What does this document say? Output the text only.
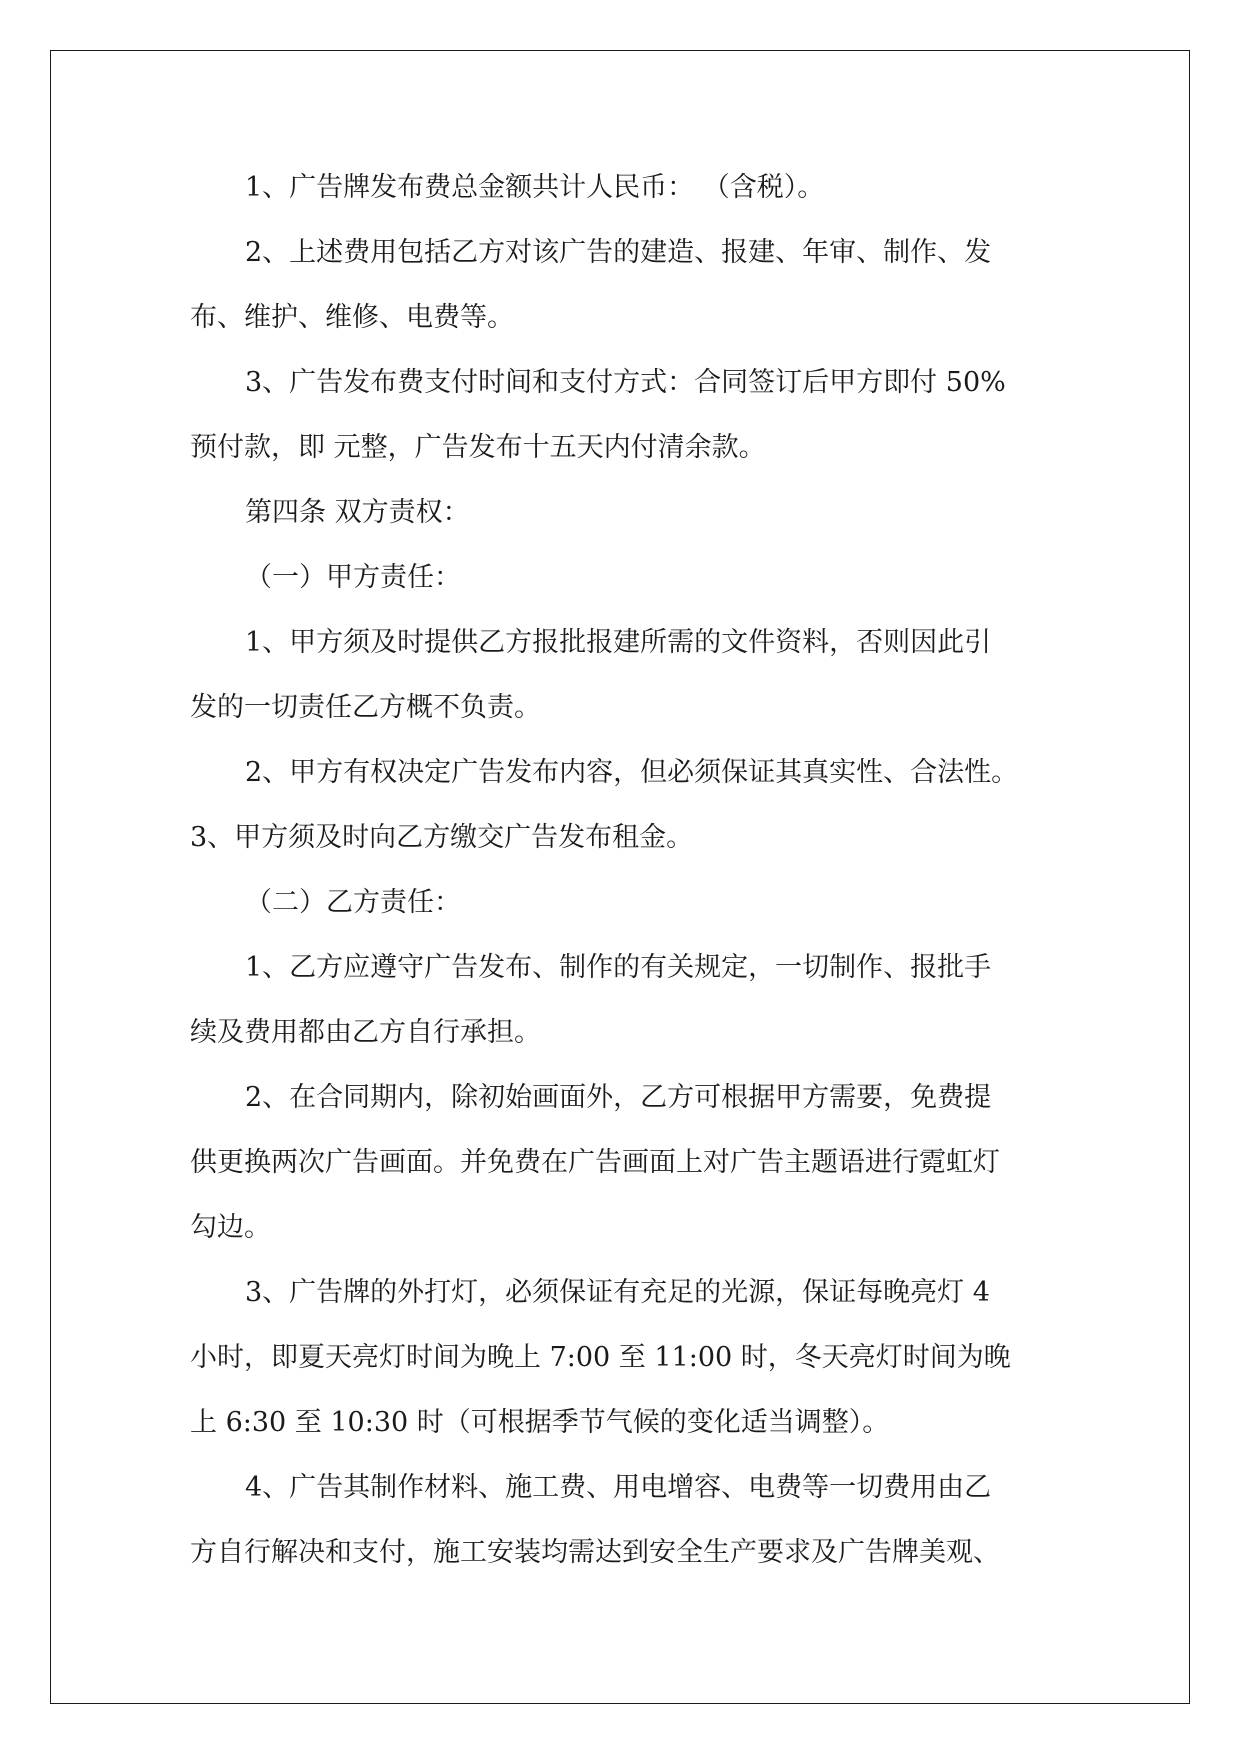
1、广告牌发布费总金额共计人民币： （含税）。
2、上述费用包括乙方对该广告的建造、报建、年审、制作、发
布、维护、维修、电费等。
3、广告发布费支付时间和支付方式：合同签订后甲方即付 50%
预付款，即 元整，广告发布十五天内付清余款。
第四条 双方责权：
（一）甲方责任：
1、甲方须及时提供乙方报批报建所需的文件资料，否则因此引
发的一切责任乙方概不负责。
2、甲方有权决定广告发布内容，但必须保证其真实性、合法性。
3、甲方须及时向乙方缴交广告发布租金。
（二）乙方责任：
1、乙方应遵守广告发布、制作的有关规定，一切制作、报批手
续及费用都由乙方自行承担。
2、在合同期内，除初始画面外，乙方可根据甲方需要，免费提
供更换两次广告画面。并免费在广告画面上对广告主题语进行霓虹灯
勾边。
3、广告牌的外打灯，必须保证有充足的光源，保证每晚亮灯 4
小时，即夏天亮灯时间为晚上 7:00 至 11:00 时，冬天亮灯时间为晚
上 6:30 至 10:30 时（可根据季节气候的变化适当调整）。
4、广告其制作材料、施工费、用电增容、电费等一切费用由乙
方自行解决和支付，施工安装均需达到安全生产要求及广告牌美观、
